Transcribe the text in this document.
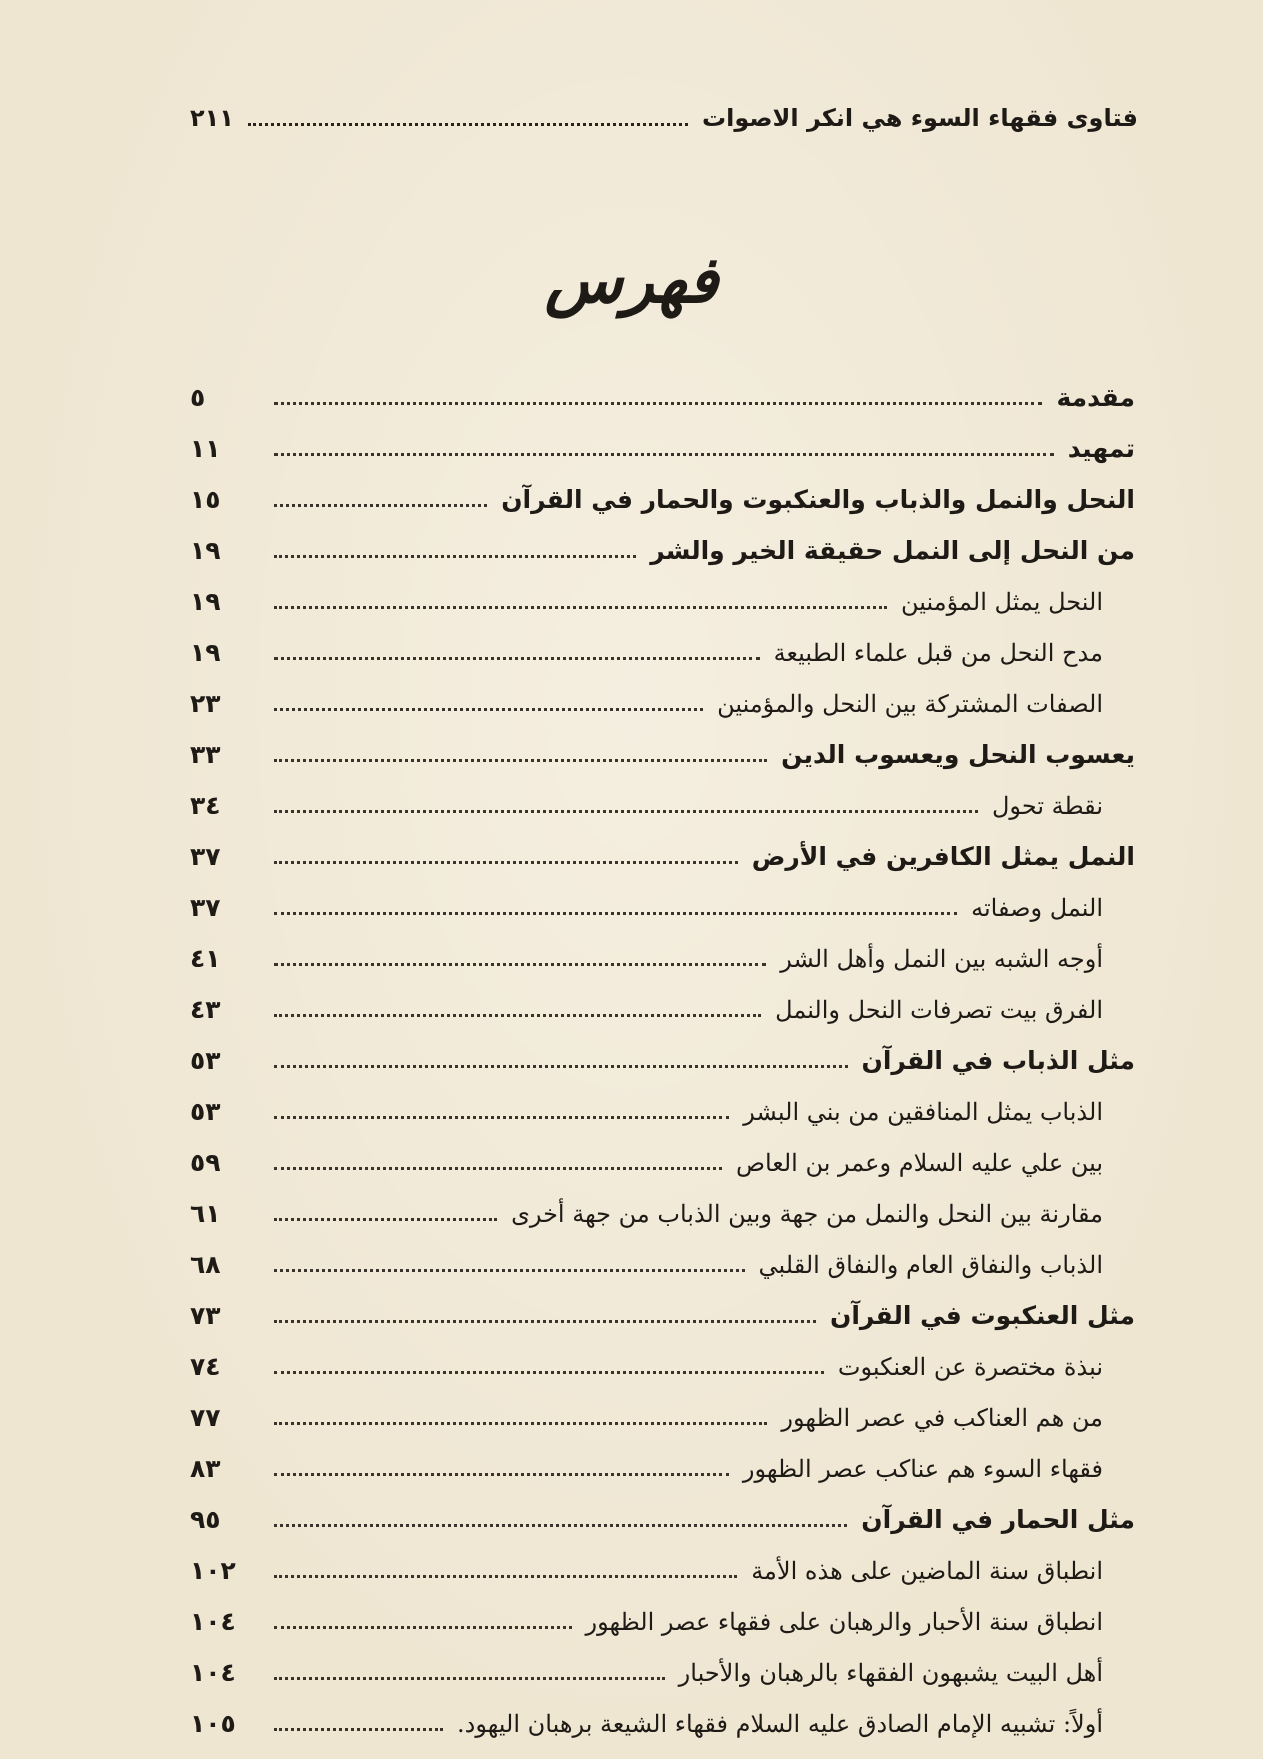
فتاوى فقهاء السوء هي انكر الاصوات
٢١١
فهرس
مقدمة
٥
تمهيد
١١
النحل والنمل والذباب والعنكبوت والحمار في القرآن
١٥
من النحل إلى النمل حقيقة الخير والشر
١٩
النحل يمثل المؤمنين
١٩
مدح النحل من قبل علماء الطبيعة
١٩
الصفات المشتركة بين النحل والمؤمنين
٢٣
يعسوب النحل ويعسوب الدين
٣٣
نقطة تحول
٣٤
النمل يمثل الكافرين في الأرض
٣٧
النمل وصفاته
٣٧
أوجه الشبه بين النمل وأهل الشر
٤١
الفرق بيت تصرفات النحل والنمل
٤٣
مثل الذباب في القرآن
٥٣
الذباب يمثل المنافقين من بني البشر
٥٣
بين علي عليه السلام وعمر بن العاص
٥٩
مقارنة بين النحل والنمل من جهة وبين الذباب من جهة أخرى
٦١
الذباب والنفاق العام والنفاق القلبي
٦٨
مثل العنكبوت في القرآن
٧٣
نبذة مختصرة عن العنكبوت
٧٤
من هم العناكب في عصر الظهور
٧٧
فقهاء السوء هم عناكب عصر الظهور
٨٣
مثل الحمار في القرآن
٩٥
انطباق سنة الماضين على هذه الأمة
١٠٢
انطباق سنة الأحبار والرهبان على فقهاء عصر الظهور
١٠٤
أهل البيت يشبهون الفقهاء بالرهبان والأحبار
١٠٤
أولاً: تشبيه الإمام الصادق عليه السلام فقهاء الشيعة برهبان اليهود.
١٠٥
